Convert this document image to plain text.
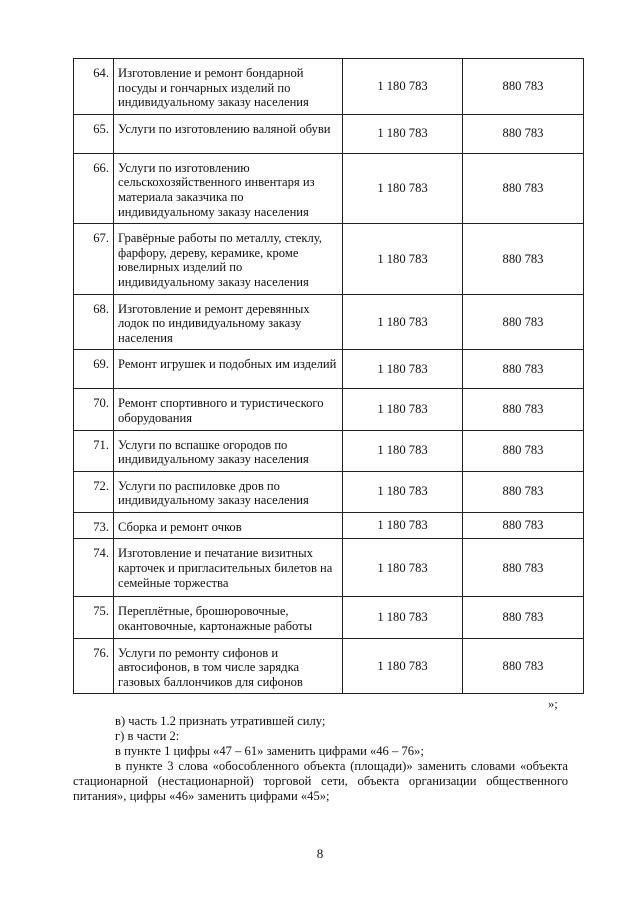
64.	Изготовление и ремонт бондарной посуды и гончарных изделий по индивидуальному заказу населения	1 180 783	880 783
65.	Услуги по изготовлению валяной обуви	1 180 783	880 783
66.	Услуги по изготовлению сельскохозяйственного инвентаря из материала заказчика по индивидуальному заказу населения	1 180 783	880 783
67.	Гравёрные работы по металлу, стеклу, фарфору, дереву, керамике, кроме ювелирных изделий по индивидуальному заказу населения	1 180 783	880 783
68.	Изготовление и ремонт деревянных лодок по индивидуальному заказу населения	1 180 783	880 783
69.	Ремонт игрушек и подобных им изделий	1 180 783	880 783
70.	Ремонт спортивного и туристического оборудования	1 180 783	880 783
71.	Услуги по вспашке огородов по индивидуальному заказу населения	1 180 783	880 783
72.	Услуги по распиловке дров по индивидуальному заказу населения	1 180 783	880 783
73.	Сборка и ремонт очков	1 180 783	880 783
74.	Изготовление и печатание визитных карточек и пригласительных билетов на семейные торжества	1 180 783	880 783
75.	Переплётные, брошюровочные, окантовочные, картонажные работы	1 180 783	880 783
76.	Услуги по ремонту сифонов и автосифонов, в том числе зарядка газовых баллончиков для сифонов	1 180 783	880 783
»;
в) часть 1.2 признать утратившей силу;
г) в части 2:
в пункте 1 цифры «47 – 61» заменить цифрами «46 – 76»;
в пункте 3 слова «обособленного объекта (площади)» заменить словами «объекта стационарной (нестационарной) торговой сети, объекта организации общественного питания», цифры «46» заменить цифрами «45»;
8
